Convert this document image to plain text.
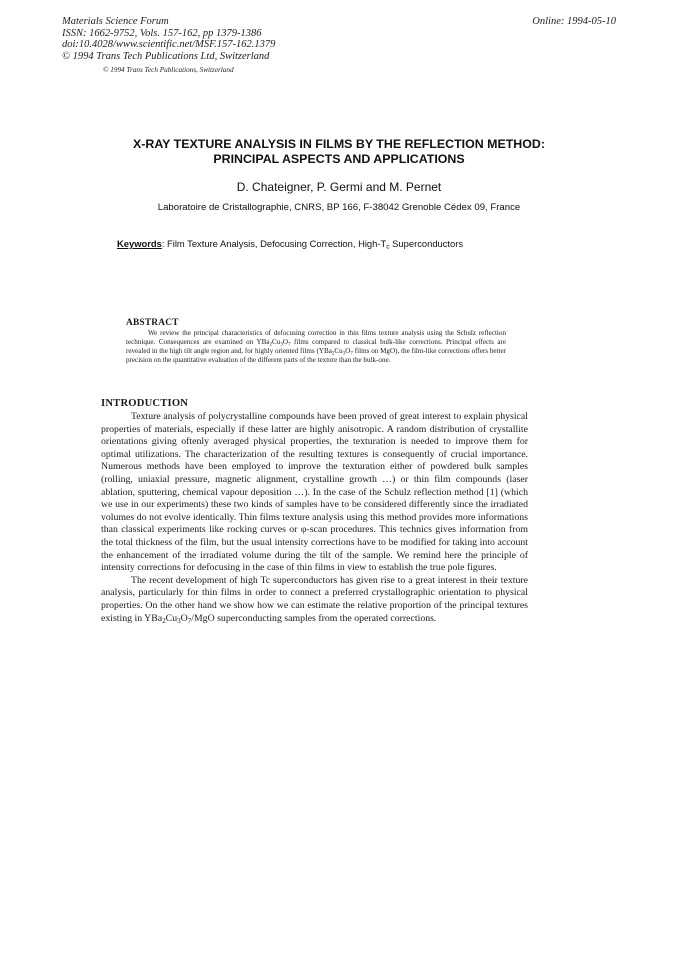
Materials Science Forum
ISSN: 1662-9752, Vols. 157-162, pp 1379-1386
doi:10.4028/www.scientific.net/MSF.157-162.1379
© 1994 Trans Tech Publications Ltd, Switzerland
Online: 1994-05-10
© 1994 Trans Tech Publications, Switzerland
X-RAY TEXTURE ANALYSIS IN FILMS BY THE REFLECTION METHOD:
PRINCIPAL ASPECTS AND APPLICATIONS
D. Chateigner, P. Germi and M. Pernet
Laboratoire de Cristallographie, CNRS, BP 166, F-38042 Grenoble Cédex 09, France
Keywords: Film Texture Analysis, Defocusing Correction, High-$T_c$ Superconductors
ABSTRACT
We review the principal characteristics of defocusing correction in thin films texture analysis using the Schulz reflection technique. Consequences are examined on $YBa_2Cu_3O_7$ films compared to classical bulk-like corrections. Principal effects are revealed in the high tilt angle region and, for highly oriented films ($YBa_2Cu_3O_7$ films on MgO), the film-like corrections offers better precision on the quantitative evaluation of the different parts of the texture than the bulk-one.
INTRODUCTION

Texture analysis of polycrystalline compounds have been proved of great interest to explain physical properties of materials, especially if these latter are highly anisotropic. A random distribution of crystallite orientations giving oftenly averaged physical properties, the texturation is needed to improve them for optimal utilizations. The characterization of the resulting textures is consequently of crucial importance. Numerous methods have been employed to improve the texturation either of powdered bulk samples (rolling, uniaxial pressure, magnetic alignment, crystalline growth …) or thin film compounds (laser ablation, sputtering, chemical vapour deposition …). In the case of the Schulz reflection method [1] (which we use in our experiments) these two kinds of samples have to be considered differently since the irradiated volumes do not evolve identically. Thin films texture analysis using this method provides more informations than classical experiments like rocking curves or φ-scan procedures. This technics gives information from the total thickness of the film, but the usual intensity corrections have to be modified for taking into account the enhancement of the irradiated volume during the tilt of the sample. We remind here the principle of intensity corrections for defocusing in the case of thin films in view to establish the true pole figures.

The recent development of high Tc superconductors has given rise to a great interest in their texture analysis, particularly for thin films in order to connect a preferred crystallographic orientation to physical properties. On the other hand we show how we can estimate the relative proportion of the principal textures existing in $YBa_2Cu_3O_7$/MgO superconducting samples from the operated corrections.
